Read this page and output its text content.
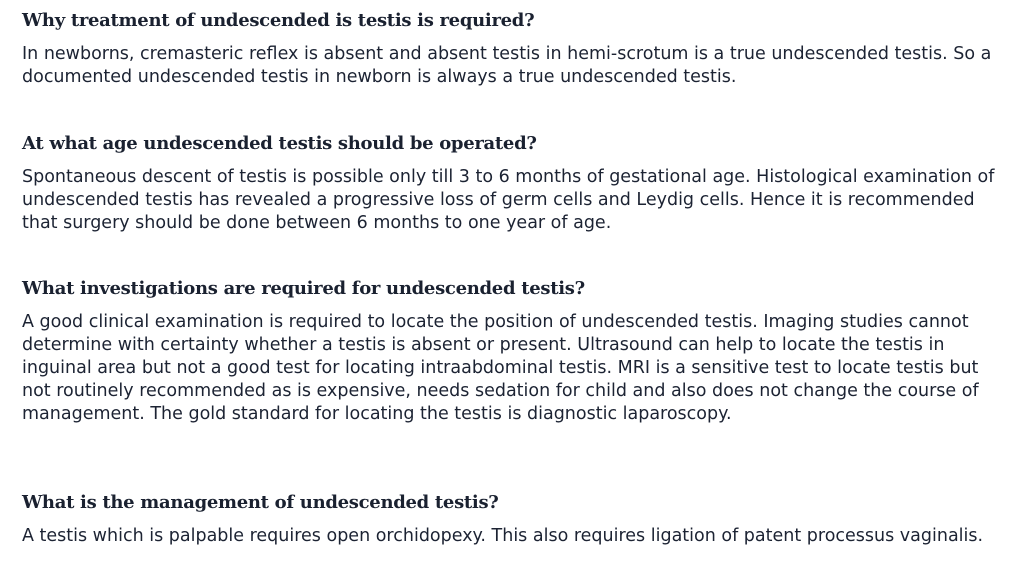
Why treatment of undescended is testis is required?

In newborns, cremasteric reflex is absent and absent testis in hemi-scrotum is a true undescended testis. So a documented undescended testis in newborn is always a true undescended testis.

At what age undescended testis should be operated?

Spontaneous descent of testis is possible only till 3 to 6 months of gestational age. Histological examination of undescended testis has revealed a progressive loss of germ cells and Leydig cells. Hence it is recommended that surgery should be done between 6 months to one year of age.

What investigations are required for undescended testis?

A good clinical examination is required to locate the position of undescended testis. Imaging studies cannot determine with certainty whether a testis is absent or present. Ultrasound can help to locate the testis in inguinal area but not a good test for locating intraabdominal testis. MRI is a sensitive test to locate testis but not routinely recommended as is expensive, needs sedation for child and also does not change the course of management. The gold standard for locating the testis is diagnostic laparoscopy.

What is the management of undescended testis?

A testis which is palpable requires open orchidopexy. This also requires ligation of patent processus vaginalis.
